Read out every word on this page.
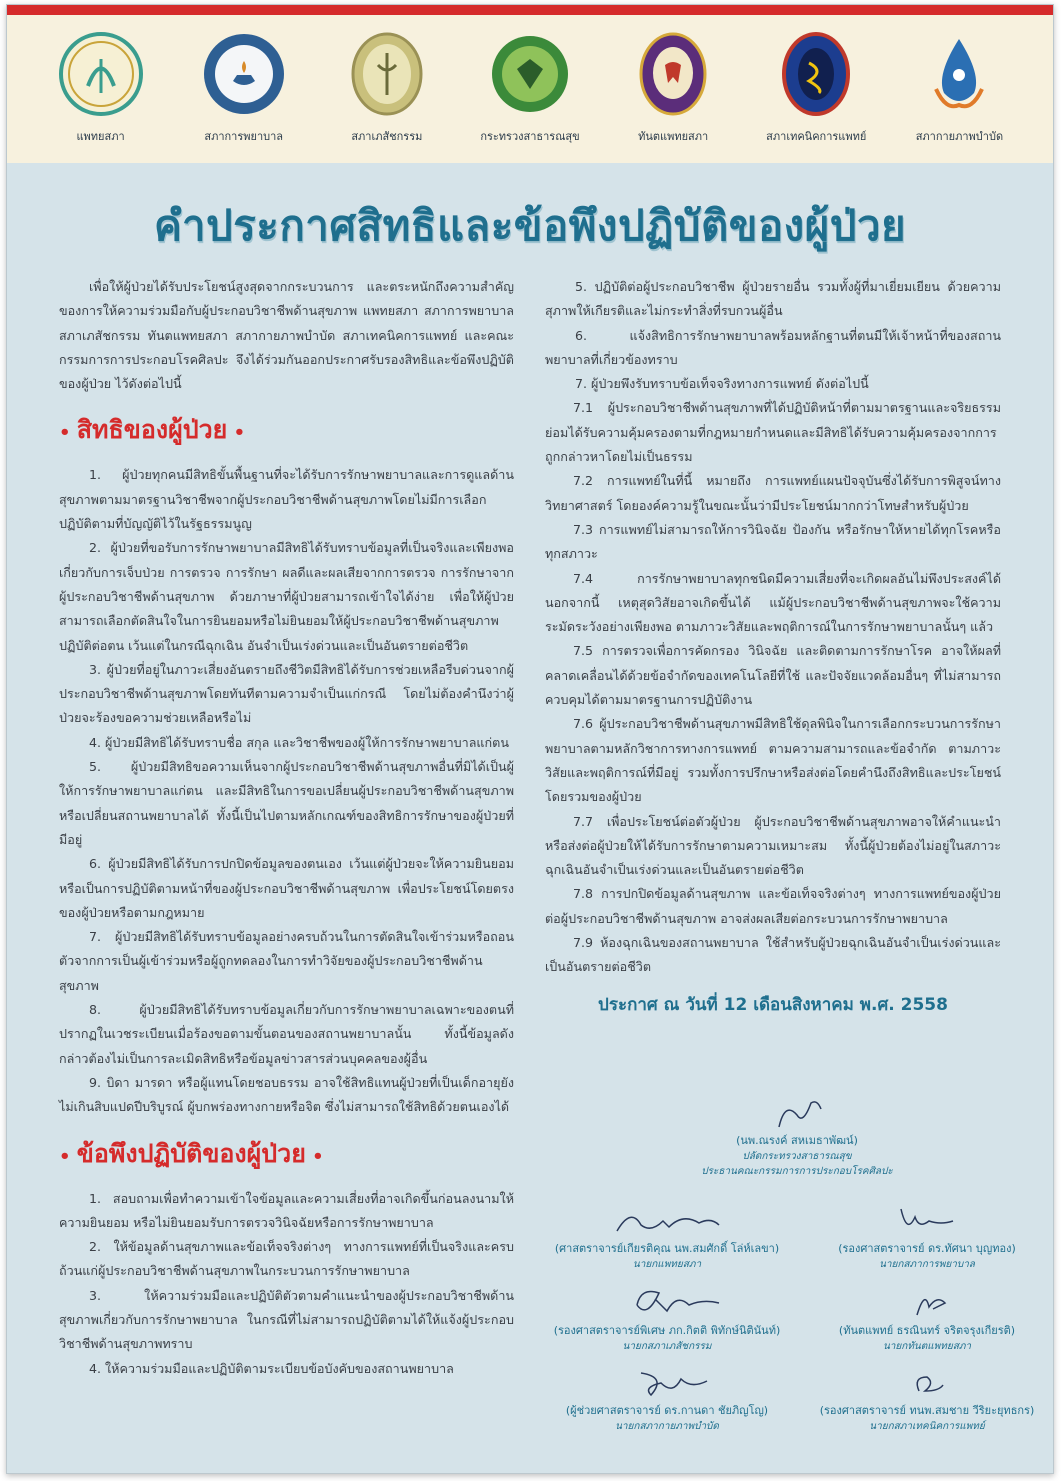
แพทยสภา	สภาการพยาบาล	สภาเภสัชกรรม	กระทรวงสาธารณสุข	ทันตแพทยสภา	สภาเทคนิคการแพทย์	สภากายภาพบำบัด
คำประกาศสิทธิและข้อพึงปฏิบัติของผู้ป่วย

เพื่อให้ผู้ป่วยได้รับประโยชน์สูงสุดจากกระบวนการ และตระหนักถึงความสำคัญของการให้ความร่วมมือกับผู้ประกอบวิชาชีพด้านสุขภาพ แพทยสภา สภาการพยาบาล สภาเภสัชกรรม ทันตแพทยสภา สภากายภาพบำบัด สภาเทคนิคการแพทย์ และคณะกรรมการการประกอบโรคศิลปะ จึงได้ร่วมกันออกประกาศรับรองสิทธิและข้อพึงปฏิบัติของผู้ป่วย ไว้ดังต่อไปนี้

• สิทธิของผู้ป่วย •

1. ผู้ป่วยทุกคนมีสิทธิขั้นพื้นฐานที่จะได้รับการรักษาพยาบาลและการดูแลด้านสุขภาพตามมาตรฐานวิชาชีพจากผู้ประกอบวิชาชีพด้านสุขภาพโดยไม่มีการเลือกปฏิบัติตามที่บัญญัติไว้ในรัฐธรรมนูญ

2. ผู้ป่วยที่ขอรับการรักษาพยาบาลมีสิทธิได้รับทราบข้อมูลที่เป็นจริงและเพียงพอเกี่ยวกับการเจ็บป่วย การตรวจ การรักษา ผลดีและผลเสียจากการตรวจ การรักษาจากผู้ประกอบวิชาชีพด้านสุขภาพ ด้วยภาษาที่ผู้ป่วยสามารถเข้าใจได้ง่าย เพื่อให้ผู้ป่วยสามารถเลือกตัดสินใจในการยินยอมหรือไม่ยินยอมให้ผู้ประกอบวิชาชีพด้านสุขภาพปฏิบัติต่อตน เว้นแต่ในกรณีฉุกเฉิน อันจำเป็นเร่งด่วนและเป็นอันตรายต่อชีวิต

3. ผู้ป่วยที่อยู่ในภาวะเสี่ยงอันตรายถึงชีวิตมีสิทธิได้รับการช่วยเหลือรีบด่วนจากผู้ประกอบวิชาชีพด้านสุขภาพโดยทันทีตามความจำเป็นแก่กรณี โดยไม่ต้องคำนึงว่าผู้ป่วยจะร้องขอความช่วยเหลือหรือไม่

4. ผู้ป่วยมีสิทธิได้รับทราบชื่อ สกุล และวิชาชีพของผู้ให้การรักษาพยาบาลแก่ตน

5. ผู้ป่วยมีสิทธิขอความเห็นจากผู้ประกอบวิชาชีพด้านสุขภาพอื่นที่มิได้เป็นผู้ให้การรักษาพยาบาลแก่ตน และมีสิทธิในการขอเปลี่ยนผู้ประกอบวิชาชีพด้านสุขภาพหรือเปลี่ยนสถานพยาบาลได้ ทั้งนี้เป็นไปตามหลักเกณฑ์ของสิทธิการรักษาของผู้ป่วยที่มีอยู่

6. ผู้ป่วยมีสิทธิได้รับการปกปิดข้อมูลของตนเอง เว้นแต่ผู้ป่วยจะให้ความยินยอมหรือเป็นการปฏิบัติตามหน้าที่ของผู้ประกอบวิชาชีพด้านสุขภาพ เพื่อประโยชน์โดยตรงของผู้ป่วยหรือตามกฎหมาย

7. ผู้ป่วยมีสิทธิได้รับทราบข้อมูลอย่างครบถ้วนในการตัดสินใจเข้าร่วมหรือถอนตัวจากการเป็นผู้เข้าร่วมหรือผู้ถูกทดลองในการทำวิจัยของผู้ประกอบวิชาชีพด้านสุขภาพ

8. ผู้ป่วยมีสิทธิได้รับทราบข้อมูลเกี่ยวกับการรักษาพยาบาลเฉพาะของตนที่ปรากฏในเวชระเบียนเมื่อร้องขอตามขั้นตอนของสถานพยาบาลนั้น ทั้งนี้ข้อมูลดังกล่าวต้องไม่เป็นการละเมิดสิทธิหรือข้อมูลข่าวสารส่วนบุคคลของผู้อื่น

9. บิดา มารดา หรือผู้แทนโดยชอบธรรม อาจใช้สิทธิแทนผู้ป่วยที่เป็นเด็กอายุยังไม่เกินสิบแปดปีบริบูรณ์ ผู้บกพร่องทางกายหรือจิต ซึ่งไม่สามารถใช้สิทธิด้วยตนเองได้

• ข้อพึงปฏิบัติของผู้ป่วย •

1. สอบถามเพื่อทำความเข้าใจข้อมูลและความเสี่ยงที่อาจเกิดขึ้นก่อนลงนามให้ความยินยอม หรือไม่ยินยอมรับการตรวจวินิจฉัยหรือการรักษาพยาบาล

2. ให้ข้อมูลด้านสุขภาพและข้อเท็จจริงต่างๆ ทางการแพทย์ที่เป็นจริงและครบถ้วนแก่ผู้ประกอบวิชาชีพด้านสุขภาพในกระบวนการรักษาพยาบาล

3. ให้ความร่วมมือและปฏิบัติตัวตามคำแนะนำของผู้ประกอบวิชาชีพด้านสุขภาพเกี่ยวกับการรักษาพยาบาล ในกรณีที่ไม่สามารถปฏิบัติตามได้ให้แจ้งผู้ประกอบวิชาชีพด้านสุขภาพทราบ

4. ให้ความร่วมมือและปฏิบัติตามระเบียบข้อบังคับของสถานพยาบาล

5. ปฏิบัติต่อผู้ประกอบวิชาชีพ ผู้ป่วยรายอื่น รวมทั้งผู้ที่มาเยี่ยมเยียน ด้วยความสุภาพให้เกียรติและไม่กระทำสิ่งที่รบกวนผู้อื่น

6. แจ้งสิทธิการรักษาพยาบาลพร้อมหลักฐานที่ตนมีให้เจ้าหน้าที่ของสถานพยาบาลที่เกี่ยวข้องทราบ

7. ผู้ป่วยพึงรับทราบข้อเท็จจริงทางการแพทย์ ดังต่อไปนี้

7.1 ผู้ประกอบวิชาชีพด้านสุขภาพที่ได้ปฏิบัติหน้าที่ตามมาตรฐานและจริยธรรม ย่อมได้รับความคุ้มครองตามที่กฎหมายกำหนดและมีสิทธิได้รับความคุ้มครองจากการถูกกล่าวหาโดยไม่เป็นธรรม

7.2 การแพทย์ในที่นี้ หมายถึง การแพทย์แผนปัจจุบันซึ่งได้รับการพิสูจน์ทางวิทยาศาสตร์ โดยองค์ความรู้ในขณะนั้นว่ามีประโยชน์มากกว่าโทษสำหรับผู้ป่วย

7.3 การแพทย์ไม่สามารถให้การวินิจฉัย ป้องกัน หรือรักษาให้หายได้ทุกโรคหรือทุกสภาวะ

7.4 การรักษาพยาบาลทุกชนิดมีความเสี่ยงที่จะเกิดผลอันไม่พึงประสงค์ได้ นอกจากนี้ เหตุสุดวิสัยอาจเกิดขึ้นได้ แม้ผู้ประกอบวิชาชีพด้านสุขภาพจะใช้ความระมัดระวังอย่างเพียงพอ ตามภาวะวิสัยและพฤติการณ์ในการรักษาพยาบาลนั้นๆ แล้ว

7.5 การตรวจเพื่อการคัดกรอง วินิจฉัย และติดตามการรักษาโรค อาจให้ผลที่คลาดเคลื่อนได้ด้วยข้อจำกัดของเทคโนโลยีที่ใช้ และปัจจัยแวดล้อมอื่นๆ ที่ไม่สามารถควบคุมได้ตามมาตรฐานการปฏิบัติงาน

7.6 ผู้ประกอบวิชาชีพด้านสุขภาพมีสิทธิใช้ดุลพินิจในการเลือกกระบวนการรักษาพยาบาลตามหลักวิชาการทางการแพทย์ ตามความสามารถและข้อจำกัด ตามภาวะวิสัยและพฤติการณ์ที่มีอยู่ รวมทั้งการปรึกษาหรือส่งต่อโดยคำนึงถึงสิทธิและประโยชน์โดยรวมของผู้ป่วย

7.7 เพื่อประโยชน์ต่อตัวผู้ป่วย ผู้ประกอบวิชาชีพด้านสุขภาพอาจให้คำแนะนำหรือส่งต่อผู้ป่วยให้ได้รับการรักษาตามความเหมาะสม ทั้งนี้ผู้ป่วยต้องไม่อยู่ในสภาวะฉุกเฉินอันจำเป็นเร่งด่วนและเป็นอันตรายต่อชีวิต

7.8 การปกปิดข้อมูลด้านสุขภาพ และข้อเท็จจริงต่างๆ ทางการแพทย์ของผู้ป่วยต่อผู้ประกอบวิชาชีพด้านสุขภาพ อาจส่งผลเสียต่อกระบวนการรักษาพยาบาล

7.9 ห้องฉุกเฉินของสถานพยาบาล ใช้สำหรับผู้ป่วยฉุกเฉินอันจำเป็นเร่งด่วนและเป็นอันตรายต่อชีวิต

ประกาศ ณ วันที่ 12 เดือนสิงหาคม พ.ศ. 2558
(นพ.ณรงค์ สหเมธาพัฒน์)
ปลัดกระทรวงสาธารณสุข
ประธานคณะกรรมการการประกอบโรคศิลปะ
(ศาสตราจารย์เกียรติคุณ นพ.สมศักดิ์ โล่ห์เลขา)
นายกแพทยสภา
(รองศาสตราจารย์ ดร.ทัศนา บุญทอง)
นายกสภาการพยาบาล
(รองศาสตราจารย์พิเศษ ภก.กิตติ พิทักษ์นิตินันท์)
นายกสภาเภสัชกรรม
(ทันตแพทย์ ธรณินทร์ จริตจรุงเกียรติ)
นายกทันตแพทยสภา
(ผู้ช่วยศาสตราจารย์ ดร.กานดา ชัยภิญโญ)
นายกสภากายภาพบำบัด
(รองศาสตราจารย์ ทนพ.สมชาย วีริยะยุทธกร)
นายกสภาเทคนิคการแพทย์
